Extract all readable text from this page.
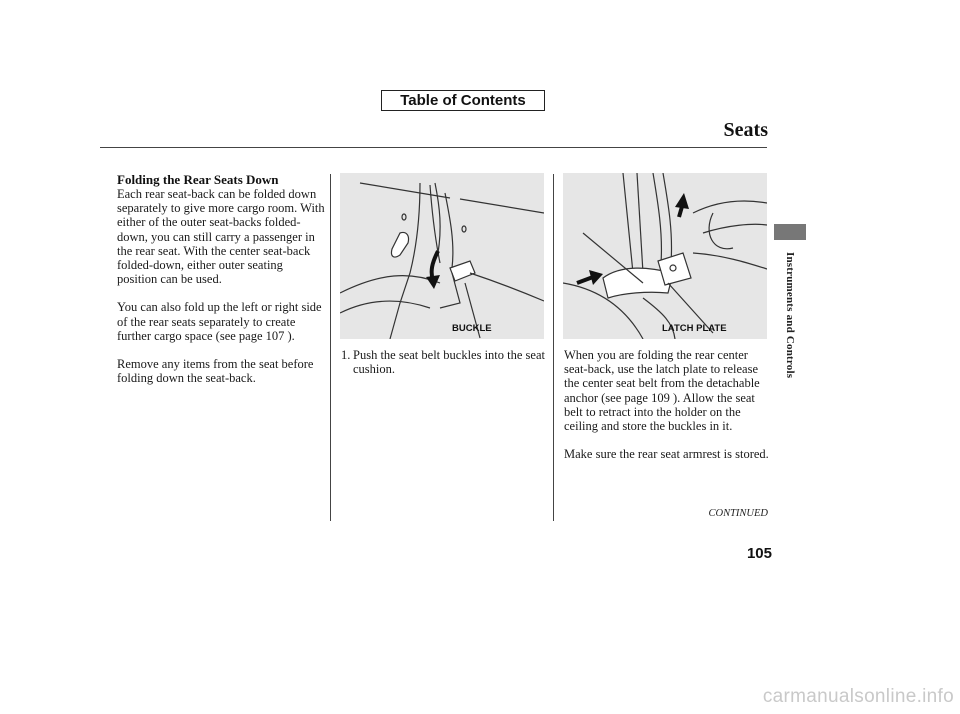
Table of Contents
Seats
Folding the Rear Seats Down

Each rear seat-back can be folded down separately to give more cargo room. With either of the outer seat-backs folded-down, you can still carry a passenger in the rear seat. With the center seat-back folded-down, either outer seating position can be used.

You can also fold up the left or right side of the rear seats separately to create further cargo space (see page 107 ).

Remove any items from the seat before folding down the seat-back.

BUCKLE
1. Push the seat belt buckles into the seat cushion.

LATCH PLATE

When you are folding the rear center seat-back, use the latch plate to release the center seat belt from the detachable anchor (see page 109 ). Allow the seat belt to retract into the holder on the ceiling and store the buckles in it.

Make sure the rear seat armrest is stored.

Instruments and Controls
CONTINUED
105
carmanualsonline.info
